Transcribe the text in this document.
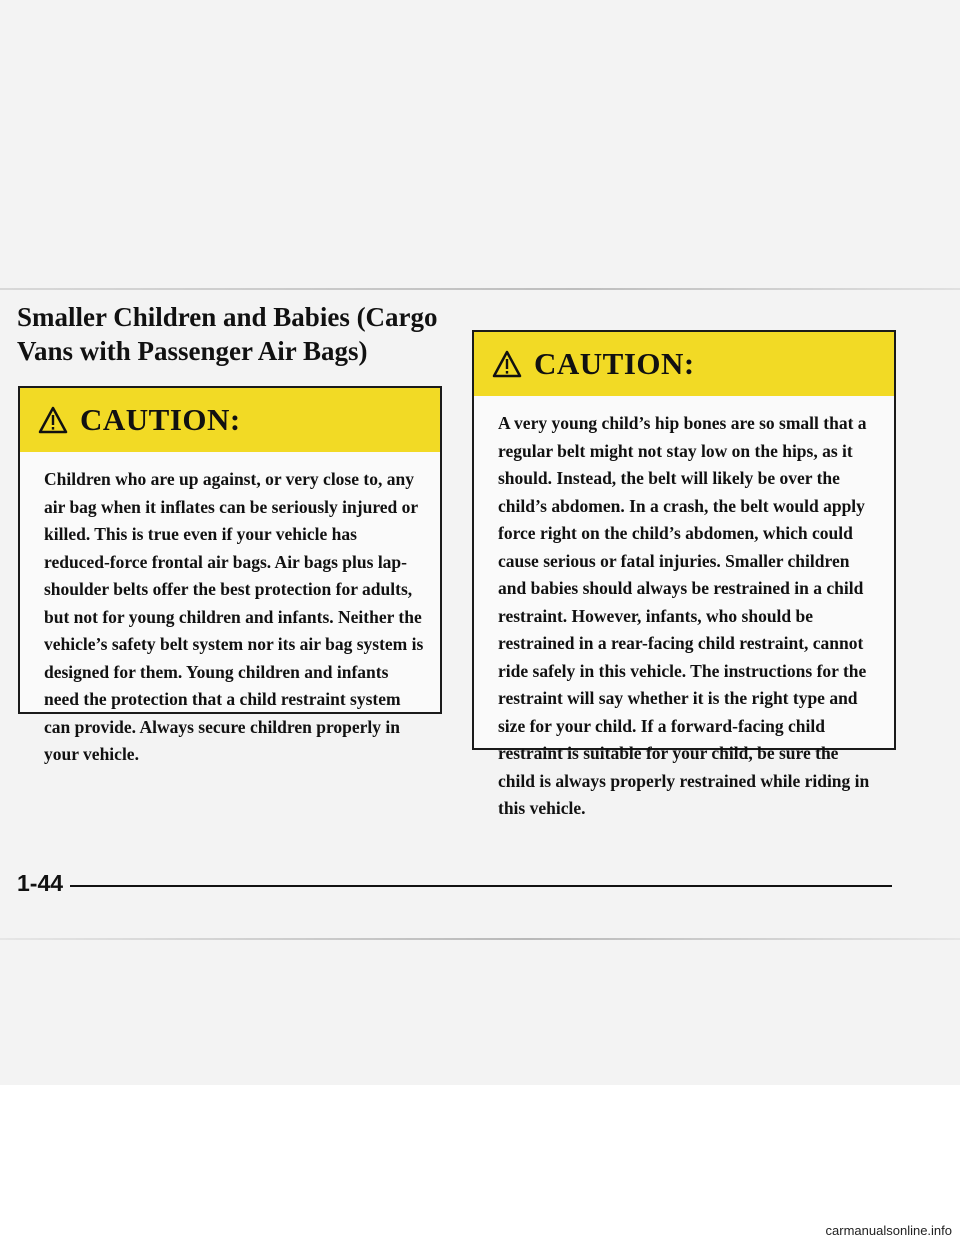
Smaller Children and Babies (Cargo Vans with Passenger Air Bags)
CAUTION:
Children who are up against, or very close to, any air bag when it inflates can be seriously injured or killed. This is true even if your vehicle has reduced-force frontal air bags. Air bags plus lap-shoulder belts offer the best protection for adults, but not for young children and infants. Neither the vehicle’s safety belt system nor its air bag system is designed for them. Young children and infants need the protection that a child restraint system can provide. Always secure children properly in your vehicle.
CAUTION:
A very young child’s hip bones are so small that a regular belt might not stay low on the hips, as it should. Instead, the belt will likely be over the child’s abdomen. In a crash, the belt would apply force right on the child’s abdomen, which could cause serious or fatal injuries. Smaller children and babies should always be restrained in a child restraint. However, infants, who should be restrained in a rear-facing child restraint, cannot ride safely in this vehicle. The instructions for the restraint will say whether it is the right type and size for your child. If a forward-facing child restraint is suitable for your child, be sure the child is always properly restrained while riding in this vehicle.
1-44
carmanualsonline.info
